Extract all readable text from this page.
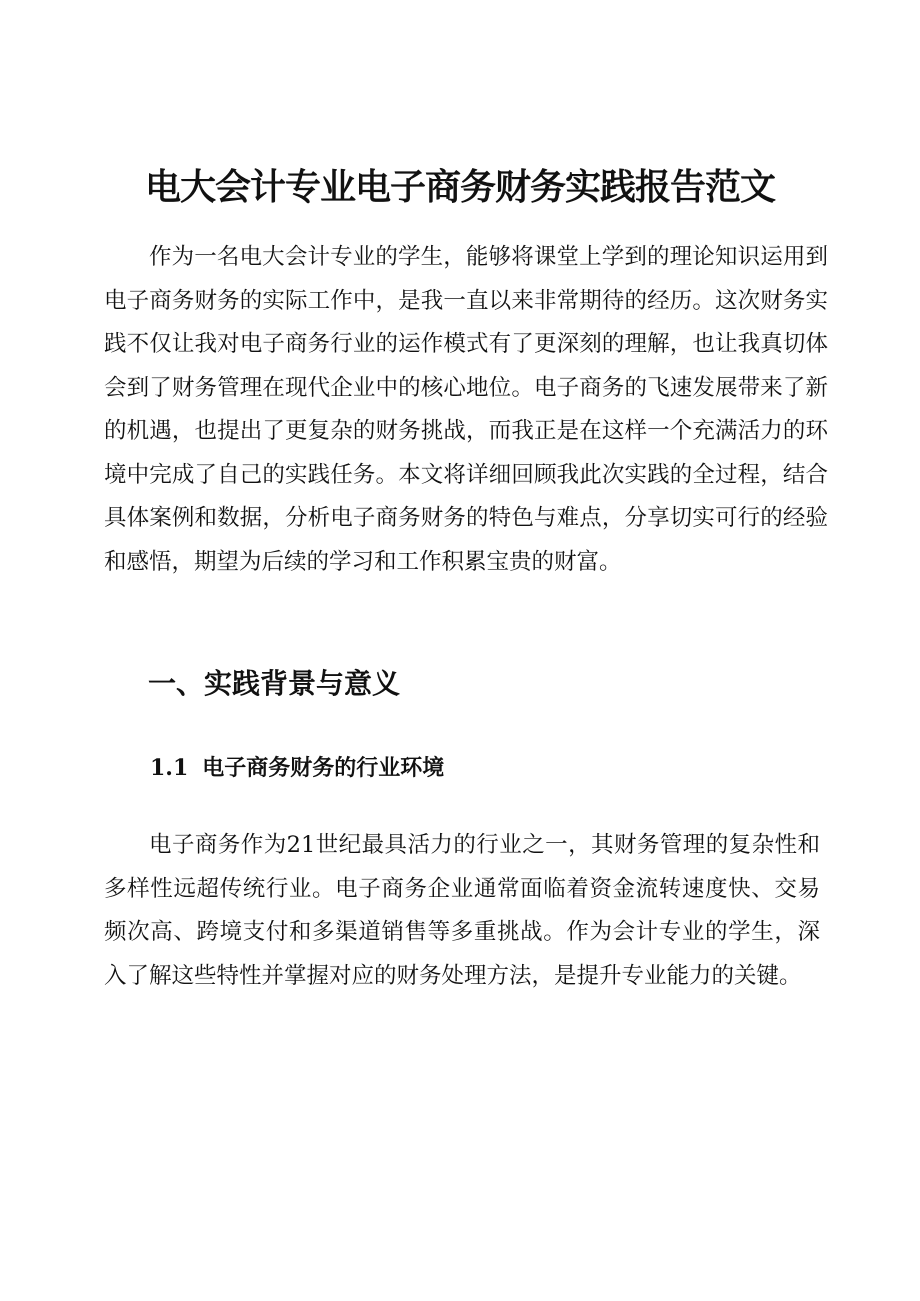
电大会计专业电子商务财务实践报告范文

作为一名电大会计专业的学生，能够将课堂上学到的理论知识运用到电子商务财务的实际工作中，是我一直以来非常期待的经历。这次财务实践不仅让我对电子商务行业的运作模式有了更深刻的理解，也让我真切体会到了财务管理在现代企业中的核心地位。电子商务的飞速发展带来了新的机遇，也提出了更复杂的财务挑战，而我正是在这样一个充满活力的环境中完成了自己的实践任务。本文将详细回顾我此次实践的全过程，结合具体案例和数据，分析电子商务财务的特色与难点，分享切实可行的经验和感悟，期望为后续的学习和工作积累宝贵的财富。

一、实践背景与意义
1.1 电子商务财务的行业环境

电子商务作为21世纪最具活力的行业之一，其财务管理的复杂性和多样性远超传统行业。电子商务企业通常面临着资金流转速度快、交易频次高、跨境支付和多渠道销售等多重挑战。作为会计专业的学生，深入了解这些特性并掌握对应的财务处理方法，是提升专业能力的关键。
